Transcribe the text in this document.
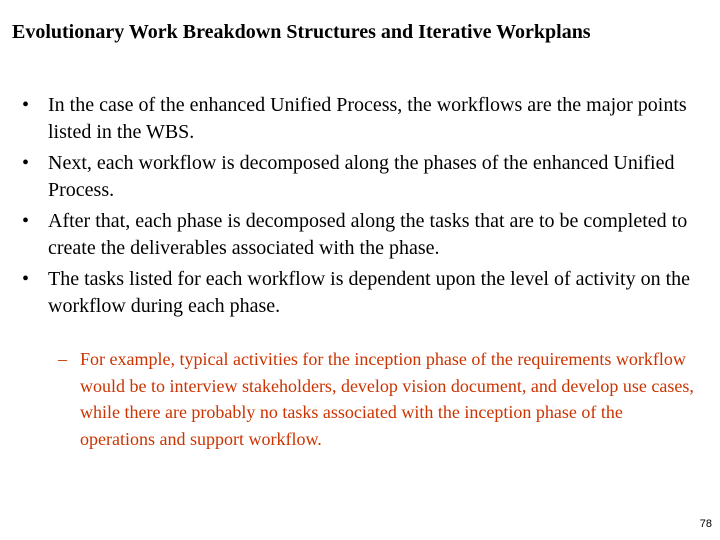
Evolutionary Work Breakdown Structures and Iterative Workplans
• In the case of the enhanced Unified Process, the workflows are the major points listed in the WBS.
• Next, each workflow is decomposed along the phases of the enhanced Unified Process.
• After that, each phase is decomposed along the tasks that are to be completed to create the deliverables associated with the phase.
• The tasks listed for each workflow is dependent upon the level of activity on the workflow during each phase.
– For example, typical activities for the inception phase of the requirements workflow would be to interview stakeholders, develop vision document, and develop use cases, while there are probably no tasks associated with the inception phase of the operations and support workflow.
78
